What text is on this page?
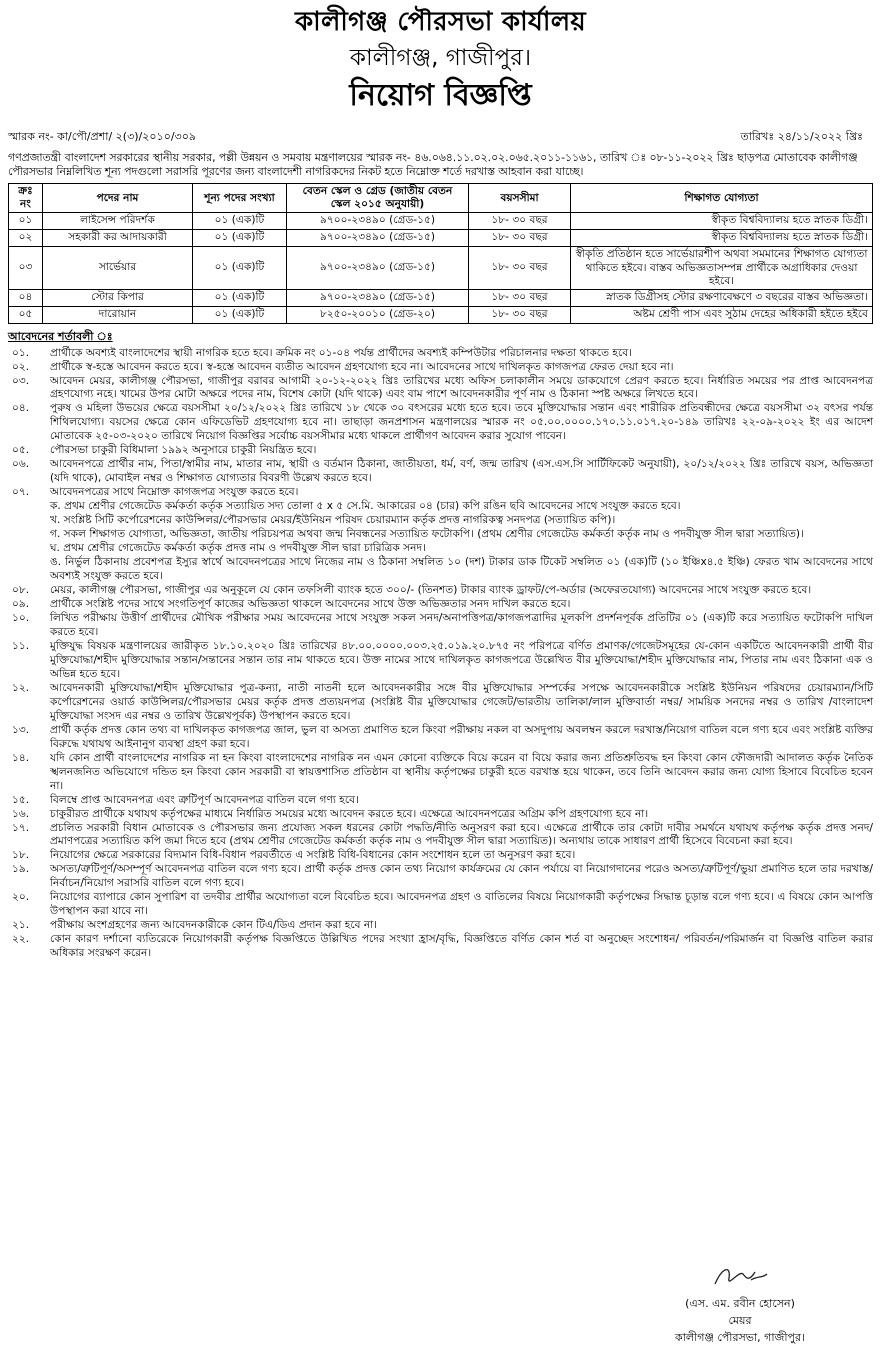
কালীগঞ্জ পৌরসভা কার্যালয়
কালীগঞ্জ, গাজীপুর।
নিয়োগ বিজ্ঞপ্তি
স্মারক নং- কা/পৌ/প্রশা/ ২(৩)/২০১০/৩০৯	তারিখঃ ২৪/১১/২০২২ খ্রিঃ

গণপ্রজাতন্ত্রী বাংলাদেশ সরকারের স্থানীয় সরকার, পল্লী উন্নয়ন ও সমবায় মন্ত্রণালয়ের স্মারক নং- ৪৬.০৬৪.১১.০২.০২.০৬৫.২০১১-১১৬১, তারিখ ঃ ০৮-১১-২০২২ খ্রিঃ ছাড়পত্র মোতাবেক কালীগঞ্জ পৌরসভার নিম্নলিখিত শূন্য পদগুলো সরাসরি পূরণের জন্য বাংলাদেশী নাগরিকদের নিকট হতে নিম্নোক্ত শর্তে দরখাস্ত আহবান করা যাচ্ছে।

ক্রঃ নং	পদের নাম	শূন্য পদের সংখ্যা	বেতন স্কেল ও গ্রেড (জাতীয় বেতন স্কেল ২০১৫ অনুযায়ী)	বয়সসীমা	শিক্ষাগত যোগ্যতা
০১	লাইসেন্স পরিদর্শক	০১ (এক)টি	৯৭০০-২৩৪৯০ (গ্রেড-১৫)	১৮- ৩০ বছর	স্বীকৃত বিশ্ববিদ্যালয় হতে স্নাতক ডিগ্রী।
০২	সহকারী কর আদায়কারী	০১ (এক)টি	৯৭০০-২৩৪৯০ (গ্রেড-১৫)	১৮- ৩০ বছর	স্বীকৃত বিশ্ববিদ্যালয় হতে স্নাতক ডিগ্রী।
০৩	সার্ভেয়ার	০১ (এক)টি	৯৭০০-২৩৪৯০ (গ্রেড-১৫)	১৮- ৩০ বছর	স্বীকৃতি প্রতিষ্ঠান হতে সার্ভেয়ারশীপ অথবা সমমানের শিক্ষাগত যোগ্যতা থাকিতে হইবে। বাস্তব অভিজ্ঞতাসম্পন্ন প্রার্থীকে অগ্রাধিকার দেওয়া হইবে।
০৪	স্টোর কিপার	০১ (এক)টি	৯৭০০-২৩৪৯০ (গ্রেড-১৫)	১৮- ৩০ বছর	স্নাতক ডিগ্রীসহ স্টোর রক্ষণাবেক্ষণে ৩ বছরের বাস্তব অভিজ্ঞতা।
০৫	দারোয়ান	০১ (এক)টি	৮২৫০-২০০১০ (গ্রেড-২০)	১৮- ৩০ বছর	অষ্টম শ্রেণী পাস এবং সুঠাম দেহের অধিকারী হইতে হইবে
আবেদনের শর্তাবলী ঃ
০১.	প্রার্থীকে অবশ্যই বাংলাদেশের স্থায়ী নাগরিক হতে হবে। ক্রমিক নং ০১-০৪ পর্যন্ত প্রার্থীদের অবশ্যই কম্পিউটার পরিচালনার দক্ষতা থাকতে হবে।
০২.	প্রার্থীকে স্ব-হস্তে আবেদন করতে হবে। স্ব-হস্তে আবেদন ব্যতীত আবেদন গ্রহণযোগ্য হবে না। আবেদনের সাথে দাখিলকৃত কাগজপত্র ফেরত দেয়া হবে না।
০৩.	আবেদন মেয়র, কালীগঞ্জ পৌরসভা, গাজীপুর বরাবর আগামী ২০-১২-২০২২ খ্রিঃ তারিখের মধ্যে অফিস চলাকালীন সময়ে ডাকযোগে প্রেরণ করতে হবে। নির্ধারিত সময়ের পর প্রাপ্ত আবেদনপত্র গ্রহণযোগ্য নহে। খামের উপর মোটা অক্ষরে পদের নাম, বিশেষ কোটা (যদি থাকে) এবং বাম পাশে আবেদনকারীর পূর্ণ নাম ও ঠিকানা স্পষ্ট অক্ষরে লিখতে হবে।
০৪.	পুরুষ ও মহিলা উভয়ের ক্ষেত্রে বয়সসীমা ২০/১২/২০২২ খ্রিঃ তারিখে ১৮ থেকে ৩০ বৎসরের মধ্যে হতে হবে। তবে মুক্তিযোদ্ধার সন্তান এবং শারীরিক প্রতিবন্ধীদের ক্ষেত্রে বয়সসীমা ৩২ বৎসর পর্যন্ত শিথিলযোগ্য। বয়সের ক্ষেত্রে কোন এফিডেভিট গ্রহণযোগ্য হবে না। তাছাড়া জনপ্রশাসন মন্ত্রণালয়ের স্মারক নং ০৫.০০.০০০০.১৭০.১১.০১৭.২০-১৪৯ তারিখঃ ২২-০৯-২০২২ ইং এর আদেশ মোতাবেক ২৫-০৩-২০২০ তারিখে নিয়োগ বিজ্ঞপ্তির সর্বোচ্চ বয়সসীমার মধ্যে থাকলে প্রার্থীগণ আবেদন করার সুযোগ পাবেন।
০৫.	পৌরসভা চাকুরী বিধিমালা ১৯৯২ অনুসারে চাকুরী নিয়ন্ত্রিত হবে।
০৬.	আবেদনপত্রে প্রার্থীর নাম, পিতা/স্বামীর নাম, মাতার নাম, স্থায়ী ও বর্তমান ঠিকানা, জাতীয়তা, ধর্ম, বর্ণ, জন্ম তারিখ (এস.এস.সি সার্টিফিকেট অনুযায়ী), ২০/১২/২০২২ খ্রিঃ তারিখে বয়স, অভিজ্ঞতা (যদি থাকে), মোবাইল নম্বর ও শিক্ষাগত যোগ্যতার বিবরণী উল্লেখ করতে হবে।
০৭.	আবেদনপত্রের সাথে নিম্নোক্ত কাগজপত্র সংযুক্ত করতে হবে।
ক. প্রথম শ্রেণীর গেজেটেড কর্মকর্তা কর্তৃক সত্যায়িত সদ্য তোলা ৫ x ৫ সে.মি. আকারের ০৪ (চার) কপি রঙিন ছবি আবেদনের সাথে সংযুক্ত করতে হবে।
খ. সংশ্লিষ্ট সিটি কর্পোরেশনের কাউন্সিলর/পৌরসভার মেয়র/ইউনিয়ন পরিষদ চেয়ারম্যান কর্তৃক প্রদত্ত নাগরিকত্ব সনদপত্র (সত্যায়িত কপি)।
গ. সকল শিক্ষাগত যোগ্যতা, অভিজ্ঞতা, জাতীয় পরিচয়পত্র অথবা জন্ম নিবন্ধনের সত্যায়িত ফটোকপি। (প্রথম শ্রেণীর গেজেটেড কর্মকর্তা কর্তৃক নাম ও পদবীযুক্ত সীল দ্বারা সত্যায়িত)।
ঘ. প্রথম শ্রেণীর গেজেটেড কর্মকর্তা কর্তৃক প্রদত্ত নাম ও পদবীযুক্ত সীল দ্বারা চারিত্রিক সনদ।
ঙ. নির্ভুল ঠিকানায় প্রবেশপত্র ইস্যুর স্বার্থে আবেদনপত্রের সাথে নিজের নাম ও ঠিকানা সম্বলিত ১০ (দশ) টাকার ডাক টিকেট সম্বলিত ০১ (এক)টি (১০ ইঞ্চিx৪.৫ ইঞ্চি) ফেরত খাম আবেদনের সাথে অবশ্যই সংযুক্ত করতে হবে।
০৮.	মেয়র, কালীগঞ্জ পৌরসভা, গাজীপুর এর অনুকূলে যে কোন তফসিলী ব্যাংক হতে ৩০০/- (তিনশত) টাকার ব্যাংক ড্রাফট/পে-অর্ডার (অফেরতযোগ্য) আবেদনের সাথে সংযুক্ত করতে হবে।
০৯.	প্রার্থীকে সংশ্লিষ্ট পদের সাথে সংগতিপূর্ণ কাজের অভিজ্ঞতা থাকলে আবেদনের সাথে উক্ত অভিজ্ঞতার সনদ দাখিল করতে হবে।
১০.	লিখিত পরীক্ষায় উত্তীর্ণ প্রার্থীদের মৌখিক পরীক্ষার সময় আবেদনের সাথে সংযুক্ত সকল সনদ/অনাপত্তিপত্র/কাগজপত্রাদির মূলকপি প্রদর্শনপূর্বক প্রতিটির ০১ (এক)টি করে সত্যায়িত ফটোকপি দাখিল করতে হবে।
১১.	মুক্তিযুদ্ধ বিষয়ক মন্ত্রণালয়ের জারীকৃত ১৮.১০.২০২০ খ্রিঃ তারিখের ৪৮.০০.০০০০.০০৩.২৫.০১৯.২০.৮৭৫ নং পরিপত্রে বর্ণিত প্রমাণক/গেজেটসমূহের যে-কোন একটিতে আবেদনকারী প্রার্থী বীর মুক্তিযোদ্ধা/শহীদ মুক্তিযোদ্ধার সন্তান/সন্তানের সন্তান তার নাম থাকতে হবে। উক্ত নামের সাথে দাখিলকৃত কাগজপত্রে উল্লেখিত বীর মুক্তিযোদ্ধা/শহীদ মুক্তিযোদ্ধার নাম, পিতার নাম এবং ঠিকানা এক ও অভিন্ন হতে হবে।
১২.	আবেদনকারী মুক্তিযোদ্ধা/শহীদ মুক্তিযোদ্ধার পুত্র-কন্যা, নাতী নাতনী হলে আবেদনকারীর সঙ্গে বীর মুক্তিযোদ্ধার সম্পর্কের সপক্ষে আবেদনকারীকে সংশ্লিষ্ট ইউনিয়ন পরিষদের চেয়ারম্যান/সিটি কর্পোরেশনের ওয়ার্ড কাউন্সিলর/পৌরসভার মেয়র কর্তৃক প্রদত্ত প্রত্যয়নপত্র (সংশ্লিষ্ট বীর মুক্তিযোদ্ধার গেজেট/ভারতীয় তালিকা/লাল মুক্তিবার্তা নম্বর/ সাময়িক সনদের নম্বর ও তারিখ /বাংলাদেশ মুক্তিযোদ্ধা সংসদ এর নম্বর ও তারিখ উল্লেখপূর্বক) উপস্থাপন করতে হবে।
১৩.	প্রার্থী কর্তৃক প্রদত্ত কোন তথ্য বা দাখিলকৃত কাগজপত্র জাল, ভুল বা অসত্য প্রমাণিত হলে কিংবা পরীক্ষায় নকল বা অসদুপায় অবলম্বন করলে দরখাস্ত/নিয়োগ বাতিল বলে গণ্য হবে এবং সংশ্লিষ্ট ব্যক্তির বিরুদ্ধে যথাযথ আইনানুগ ব্যবস্থা গ্রহণ করা হবে।
১৪.	যদি কোন প্রার্থী বাংলাদেশের নাগরিক না হন কিংবা বাংলাদেশের নাগরিক নন এমন কোনো ব্যক্তিকে বিয়ে করেন বা বিয়ে করার জন্য প্রতিশ্রুতিবদ্ধ হন কিংবা কোন ফৌজদারী আদালত কর্তৃক নৈতিক স্খলনজনিত অভিযোগে দন্ডিত হন কিংবা কোন সরকারী বা স্বায়ত্তশাসিত প্রতিষ্ঠান বা স্থানীয় কর্তৃপক্ষের চাকুরী হতে বরখাস্ত হয়ে থাকেন, তবে তিনি আবেদন করার জন্য যোগ্য হিসাবে বিবেচিত হবেন না।
১৫.	বিলম্বে প্রাপ্ত আবেদনপত্র এবং ত্রুটিপূর্ণ আবেদনপত্র বাতিল বলে গণ্য হবে।
১৬.	চাকুরীরত প্রার্থীকে যথাযথ কর্তৃপক্ষের মাধ্যমে নির্ধারিত সময়ের মধ্যে আবেদন করতে হবে। এক্ষেত্রে আবেদনপত্রের অগ্রিম কপি গ্রহণযোগ্য হবে না।
১৭.	প্রচলিত সরকারী বিধান মোতাবেক ও পৌরসভার জন্য প্রযোজ্য সকল ধরনের কোটা পদ্ধতি/নীতি অনুসরণ করা হবে। এক্ষেত্রে প্রার্থীকে তার কোটা দাবীর সমর্থনে যথাযথ কর্তৃপক্ষ কর্তৃক প্রদত্ত সনদ/প্রমাণপত্রের সত্যায়িত কপি জমা দিতে হবে (প্রথম শ্রেণীর গেজেটেড কর্মকর্তা কর্তৃক নাম ও পদবীযুক্ত সীল দ্বারা সত্যায়িত)। অন্যথায় তাকে সাধারণ প্রার্থী হিসেবে বিবেচনা করা হবে।
১৮.	নিয়োগের ক্ষেত্রে সরকারের বিদ্যমান বিধি-বিধান পরবর্তীতে এ সংশ্লিষ্ট বিধি-বিধানের কোন সংশোধন হলে তা অনুসরণ করা হবে।
১৯.	অসত্য/ত্রুটিপূর্ণ/অসম্পূর্ণ আবেদনপত্র বাতিল বলে গণ্য হবে। প্রার্থী কর্তৃক প্রদত্ত কোন তথ্য নিয়োগ কার্যক্রমের যে কোন পর্যায়ে বা নিয়োগদানের পরেও অসত্য/ত্রুটিপূর্ণ/ভুয়া প্রমাণিত হলে তার দরখাস্ত/নির্বাচন/নিয়োগ সরাসরি বাতিল বলে গণ্য হবে।
২০.	নিয়োগের ব্যাপারে কোন সুপারিশ বা তদবীর প্রার্থীর অযোগ্যতা বলে বিবেচিত হবে। আবেদনপত্র গ্রহণ ও বাতিলের বিষয়ে নিয়োগকারী কর্তৃপক্ষের সিদ্ধান্ত চূড়ান্ত বলে গণ্য হবে। এ বিষয়ে কোন আপত্তি উপস্থাপন করা যাবে না।
২১.	পরীক্ষায় অংশগ্রহণের জন্য আবেদনকারীকে কোন টিএ/ডিএ প্রদান করা হবে না।
২২.	কোন কারণ দর্শানো ব্যতিরেকে নিয়োগকারী কর্তৃপক্ষ বিজ্ঞপ্তিতে উল্লিখিত পদের সংখ্যা হ্রাস/বৃদ্ধি, বিজ্ঞপ্তিতে বর্ণিত কোন শর্ত বা অনুচ্ছেদ সংশোধন/ পরিবর্তন/পরিমার্জন বা বিজ্ঞপ্তি বাতিল করার অধিকার সংরক্ষণ করেন।
(এস. এম. রবীন হোসেন)
মেয়র
কালীগঞ্জ পৌরসভা, গাজীপুর।
